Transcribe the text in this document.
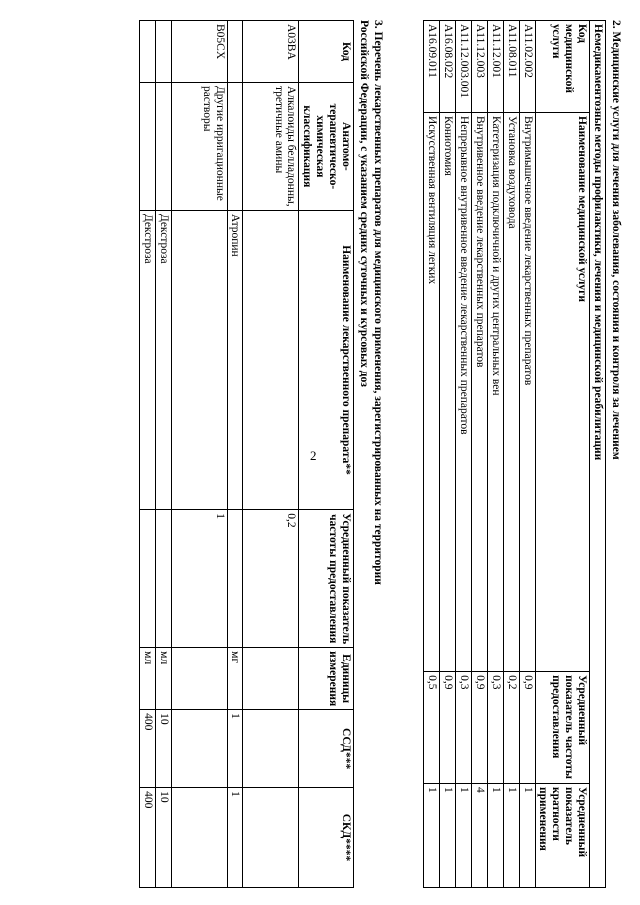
2	2. Медицинские услуги для лечения заболевания, состояния и контроля за лечением
Немедикаментозные методы профилактики, лечения и медицинской реабилитации			
Код медицинской услуги	Наименование медицинской услуги	Усредненный показатель частоты предоставления	Усредненный показатель кратности применения
A11.02.002	Внутримышечное введение лекарственных препаратов	0,9	1
A11.08.011	Установка воздуховода	0,2	1
A11.12.001	Катетеризация подключичной и других центральных вен	0,3	1
A11.12.003	Внутривенное введение лекарственных препаратов	0,9	4
A11.12.003.001	Непрерывное внутривенное введение лекарственных препаратов	0,3	1
A16.08.022	Кониотомия	0,9	1
A16.09.011	Искусственная вентиляция легких	0,5	1
3. Перечень лекарственных препаратов для медицинского применения, зарегистрированных на территории
Российской Федерации, с указанием средних суточных и курсовых доз
Код	Анатомо-терапевтическо-химическая классификация	Наименование лекарственного препарата**	Усредненный показатель частоты предоставления	Единицы измерения	ССД***	СКД****
A03BA	Алкалоиды белладонны, третичные амины		0,2			
		Атропин		мг	1	1
B05CX	Другие ирригационные растворы		1			
		Декстроза		мл	10	10
		Декстроза		мл	400	400
